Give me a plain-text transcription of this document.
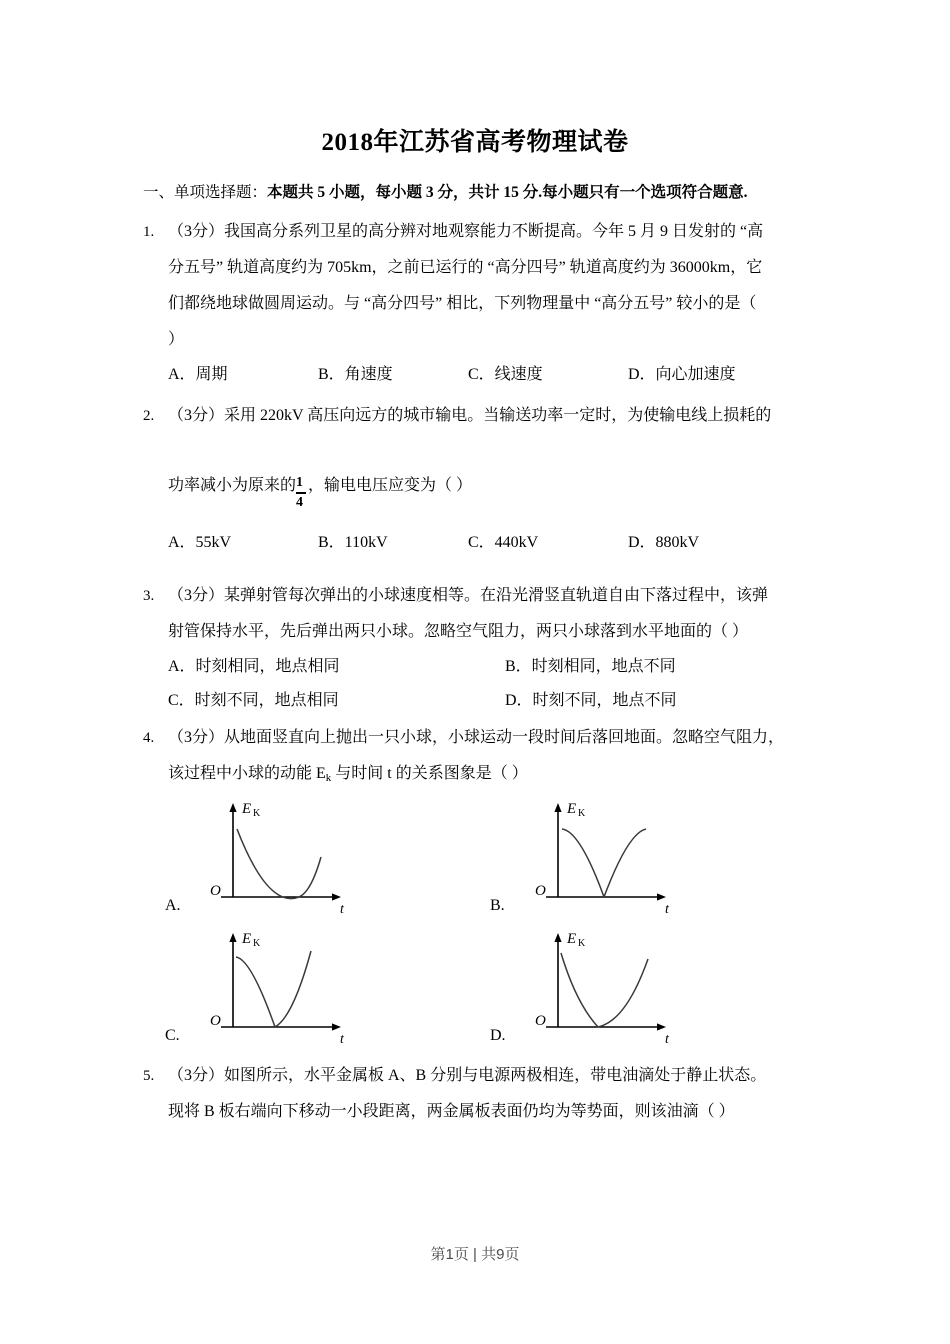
2018年江苏省高考物理试卷
一、单项选择题：本题共 5 小题，每小题 3 分，共计 15 分.每小题只有一个选项符合题意.
1. （3分）我国高分系列卫星的高分辨对地观察能力不断提高。今年 5 月 9 日发射的 “高
分五号” 轨道高度约为 705km，之前已运行的 “高分四号” 轨道高度约为 36000km，它
们都绕地球做圆周运动。与 “高分四号” 相比，下列物理量中 “高分五号” 较小的是（
）
A．周期	B．角速度	C．线速度	D．向心加速度
2. （3分）采用 220kV 高压向远方的城市输电。当输送功率一定时，为使输电线上损耗的

功率减小为原来的
$\frac{1}{4}$
，输电电压应变为（ ）
A．55kV	B．110kV	C．440kV	D．880kV
3. （3分）某弹射管每次弹出的小球速度相等。在沿光滑竖直轨道自由下落过程中，该弹
射管保持水平，先后弹出两只小球。忽略空气阻力，两只小球落到水平地面的（ ）
A．时刻相同，地点相同	B．时刻相同，地点不同
C．时刻不同，地点相同	D．时刻不同，地点不同
4. （3分）从地面竖直向上抛出一只小球，小球运动一段时间后落回地面。忽略空气阻力，
该过程中小球的动能 $E_k$ 与时间 t 的关系图象是（ ）
A.
E K
O
t	B.
E K
O
t
C.
E K
O
t	D.
E K
O
t
5. （3分）如图所示，水平金属板 A、B 分别与电源两极相连，带电油滴处于静止状态。
现将 B 板右端向下移动一小段距离，两金属板表面仍均为等势面，则该油滴（ ）
第1页 | 共9页
